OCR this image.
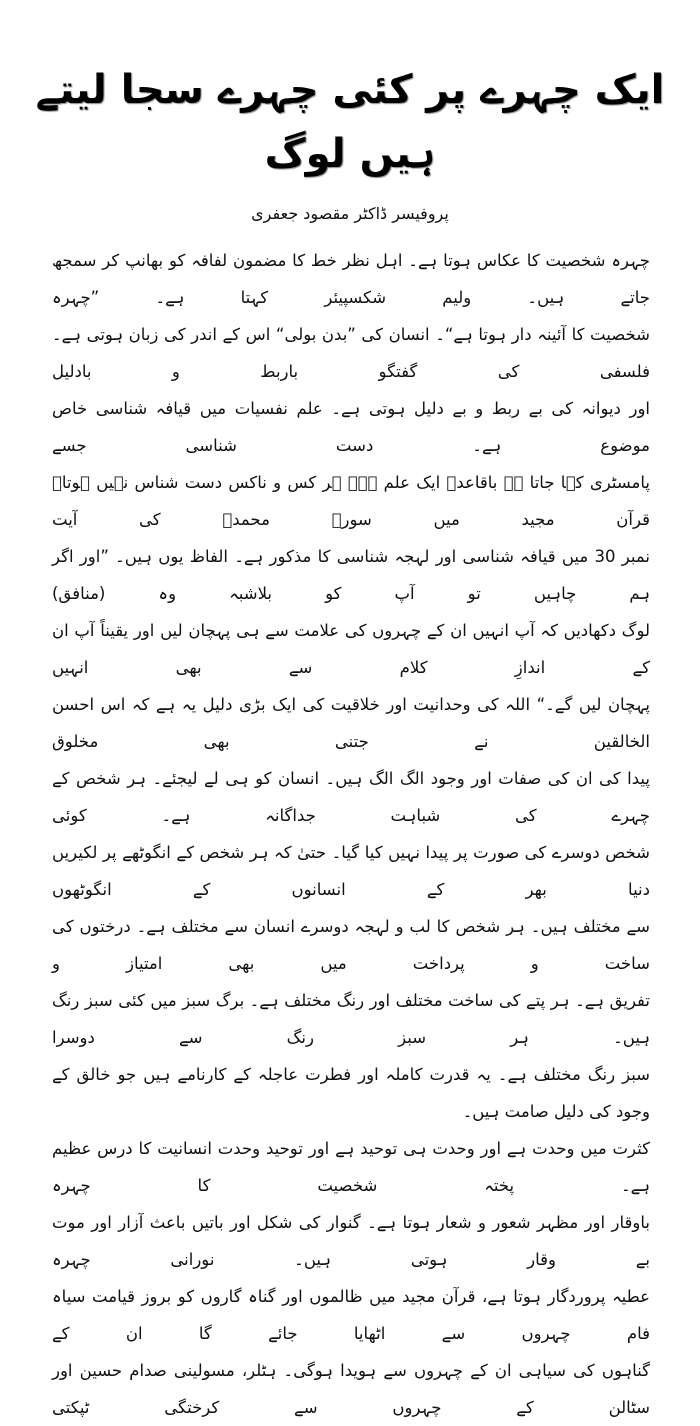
ایک چہرے پر کئی چہرے سجا لیتے ہیں لوگ
پروفیسر ڈاکٹر مقصود جعفری

چہرہ شخصیت کا عکاس ہوتا ہے۔ اہل نظر خط کا مضمون لفافہ کو بھانپ کر سمجھ جاتے ہیں۔ ولیم شکسپیئر کہتا ہے۔ ”چہرہ

شخصیت کا آئینہ دار ہوتا ہے“۔ انسان کی ”بدن بولی“ اس کے اندر کی زبان ہوتی ہے۔ فلسفی کی گفتگو باربط و بادلیل

اور دیوانہ کی بے ربط و بے دلیل ہوتی ہے۔ علم نفسیات میں قیافہ شناسی خاص موضوع ہے۔ دست شناسی جسے

پامسٹری کہا جاتا ہے باقاعدہ ایک علم ہے۔ ہر کس و ناکس دست شناس نہیں ہوتا۔ قرآن مجید میں سورۂ محمدؐ کی آیت

نمبر 30 میں قیافہ شناسی اور لہجہ شناسی کا مذکور ہے۔ الفاظ یوں ہیں۔ ”اور اگر ہم چاہیں تو آپ کو بلاشبہ وہ (منافق)

لوگ دکھادیں کہ آپ انہیں ان کے چہروں کی علامت سے ہی پہچان لیں اور یقیناً آپ ان کے اندازِ کلام سے بھی انہیں

پہچان لیں گے۔“ اللہ کی وحدانیت اور خلاقیت کی ایک بڑی دلیل یہ ہے کہ اس احسن الخالقین نے جتنی بھی مخلوق

پیدا کی ان کی صفات اور وجود الگ الگ ہیں۔ انسان کو ہی لے لیجئے۔ ہر شخص کے چہرے کی شباہت جداگانہ ہے۔ کوئی

شخص دوسرے کی صورت پر پیدا نہیں کیا گیا۔ حتیٰ کہ ہر شخص کے انگوٹھے پر لکیریں دنیا بھر کے انسانوں کے انگوٹھوں

سے مختلف ہیں۔ ہر شخص کا لب و لہجہ دوسرے انسان سے مختلف ہے۔ درختوں کی ساخت و پرداخت میں بھی امتیاز و

تفریق ہے۔ ہر پتے کی ساخت مختلف اور رنگ مختلف ہے۔ برگ سبز میں کئی سبز رنگ ہیں۔ ہر سبز رنگ سے دوسرا

سبز رنگ مختلف ہے۔ یہ قدرت کاملہ اور فطرت عاجلہ کے کارنامے ہیں جو خالق کے وجود کی دلیل صامت ہیں۔

کثرت میں وحدت ہے اور وحدت ہی توحید ہے اور توحید وحدت انسانیت کا درس عظیم ہے۔ پختہ شخصیت کا چہرہ

باوقار اور مظہر شعور و شعار ہوتا ہے۔ گنوار کی شکل اور باتیں باعث آزار اور موت بے وقار ہوتی ہیں۔ نورانی چہرہ

عطیہ پروردگار ہوتا ہے، قرآن مجید میں ظالموں اور گناہ گاروں کو بروز قیامت سیاہ فام چہروں سے اٹھایا جائے گا ان کے

گناہوں کی سیاہی ان کے چہروں سے ہویدا ہوگی۔ ہٹلر، مسولینی صدام حسین اور سٹالن کے چہروں سے کرختگی ٹپکتی
